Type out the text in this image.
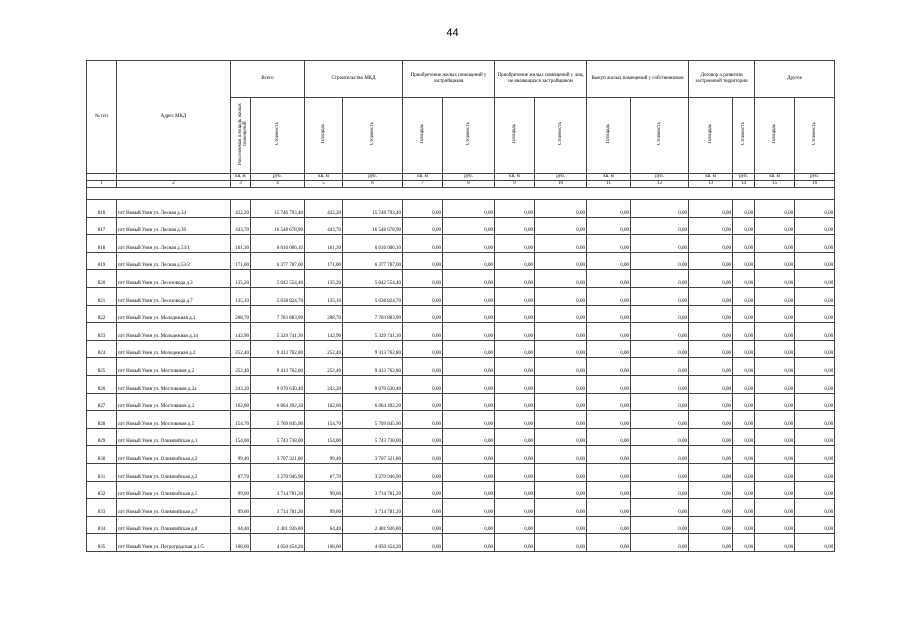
44
№ п/п	Адрес МКД	Всего		Строительство МКД		Приобретение жилых помещений у застройщиков		Приобретение жилых помещений у лиц, не являющихся застройщиком		Выкуп жилых помещений у собственников		Договор о развитии застроенной территории		Другое	
		Расселяемая площадь жилых помещений	Стоимость	Площадь	Стоимость	Площадь	Стоимость	Площадь	Стоимость	Площадь	Стоимость	Площадь	Стоимость	Площадь	Стоимость
		кв. м	руб.	кв. м	руб.	кв. м	руб.	кв. м	руб.	кв. м	руб.	кв. м	руб.	кв. м	руб.
1	2	3	4	5	6	7	8	9	10	11	12	13	14	15	16

816	пгт Новый Уоян ул. Лесная д.34	422,20	15 746 793,40	422,20	15 746 793,40	0,00	0,00	0,00	0,00	0,00	0,00	0,00	0,00	0,00	0,00
817	пгт Новый Уоян ул. Лесная д.39	443,70	16 548 678,90	443,70	16 548 678,90	0,00	0,00	0,00	0,00	0,00	0,00	0,00	0,00	0,00	0,00
818	пгт Новый Уоян ул. Лесная д.53/1	161,30	6 016 006,10	161,30	6 016 006,10	0,00	0,00	0,00	0,00	0,00	0,00	0,00	0,00	0,00	0,00
819	пгт Новый Уоян ул. Лесная д.53/2	171,00	6 377 787,00	171,00	6 377 787,00	0,00	0,00	0,00	0,00	0,00	0,00	0,00	0,00	0,00	0,00
820	пгт Новый Уоян ул. Лесозовода д.3	135,20	5 042 554,40	135,20	5 042 554,40	0,00	0,00	0,00	0,00	0,00	0,00	0,00	0,00	0,00	0,00
821	пгт Новый Уоян ул. Лесозовода д.7	135,10	5 038 824,70	135,10	5 038 824,70	0,00	0,00	0,00	0,00	0,00	0,00	0,00	0,00	0,00	0,00
822	пгт Новый Уоян ул. Молодежная д.1	208,70	7 783 883,90	208,70	7 783 883,90	0,00	0,00	0,00	0,00	0,00	0,00	0,00	0,00	0,00	0,00
823	пгт Новый Уоян ул. Молодежная д.14	142,90	5 329 741,30	142,90	5 329 741,30	0,00	0,00	0,00	0,00	0,00	0,00	0,00	0,00	0,00	0,00
824	пгт Новый Уоян ул. Молодежная д.2	252,40	9 413 762,80	252,40	9 413 762,80	0,00	0,00	0,00	0,00	0,00	0,00	0,00	0,00	0,00	0,00
825	пгт Новый Уоян ул. Мостовиков д.2	252,40	9 413 762,80	252,40	9 413 762,80	0,00	0,00	0,00	0,00	0,00	0,00	0,00	0,00	0,00	0,00
826	пгт Новый Уоян ул. Мостовиков д.2а	243,20	9 070 630,40	243,20	9 070 630,40	0,00	0,00	0,00	0,00	0,00	0,00	0,00	0,00	0,00	0,00
827	пгт Новый Уоян ул. Мостовиков д.3	162,60	6 064 492,20	162,60	6 064 492,20	0,00	0,00	0,00	0,00	0,00	0,00	0,00	0,00	0,00	0,00
828	пгт Новый Уоян ул. Мостовиков д.5	154,70	5 769 845,90	154,70	5 769 845,90	0,00	0,00	0,00	0,00	0,00	0,00	0,00	0,00	0,00	0,00
829	пгт Новый Уоян ул. Олимпийская д.1	154,00	5 743 738,00	154,00	5 743 738,00	0,00	0,00	0,00	0,00	0,00	0,00	0,00	0,00	0,00	0,00
830	пгт Новый Уоян ул. Олимпийская д.2	99,40	3 707 321,80	99,40	3 707 321,80	0,00	0,00	0,00	0,00	0,00	0,00	0,00	0,00	0,00	0,00
831	пгт Новый Уоян ул. Олимпийская д.3	87,70	3 270 946,90	87,70	3 270 946,90	0,00	0,00	0,00	0,00	0,00	0,00	0,00	0,00	0,00	0,00
832	пгт Новый Уоян ул. Олимпийская д.5	99,60	3 714 781,20	99,60	3 714 781,20	0,00	0,00	0,00	0,00	0,00	0,00	0,00	0,00	0,00	0,00
833	пгт Новый Уоян ул. Олимпийская д.7	99,60	3 714 781,20	99,60	3 714 781,20	0,00	0,00	0,00	0,00	0,00	0,00	0,00	0,00	0,00	0,00
834	пгт Новый Уоян ул. Олимпийская д.8	64,40	2 401 926,80	64,40	2 401 926,80	0,00	0,00	0,00	0,00	0,00	0,00	0,00	0,00	0,00	0,00
835	пгт Новый Уоян ул. Петроградская д.1/5	108,60	4 050 454,20	108,60	4 050 454,20	0,00	0,00	0,00	0,00	0,00	0,00	0,00	0,00	0,00	0,00
